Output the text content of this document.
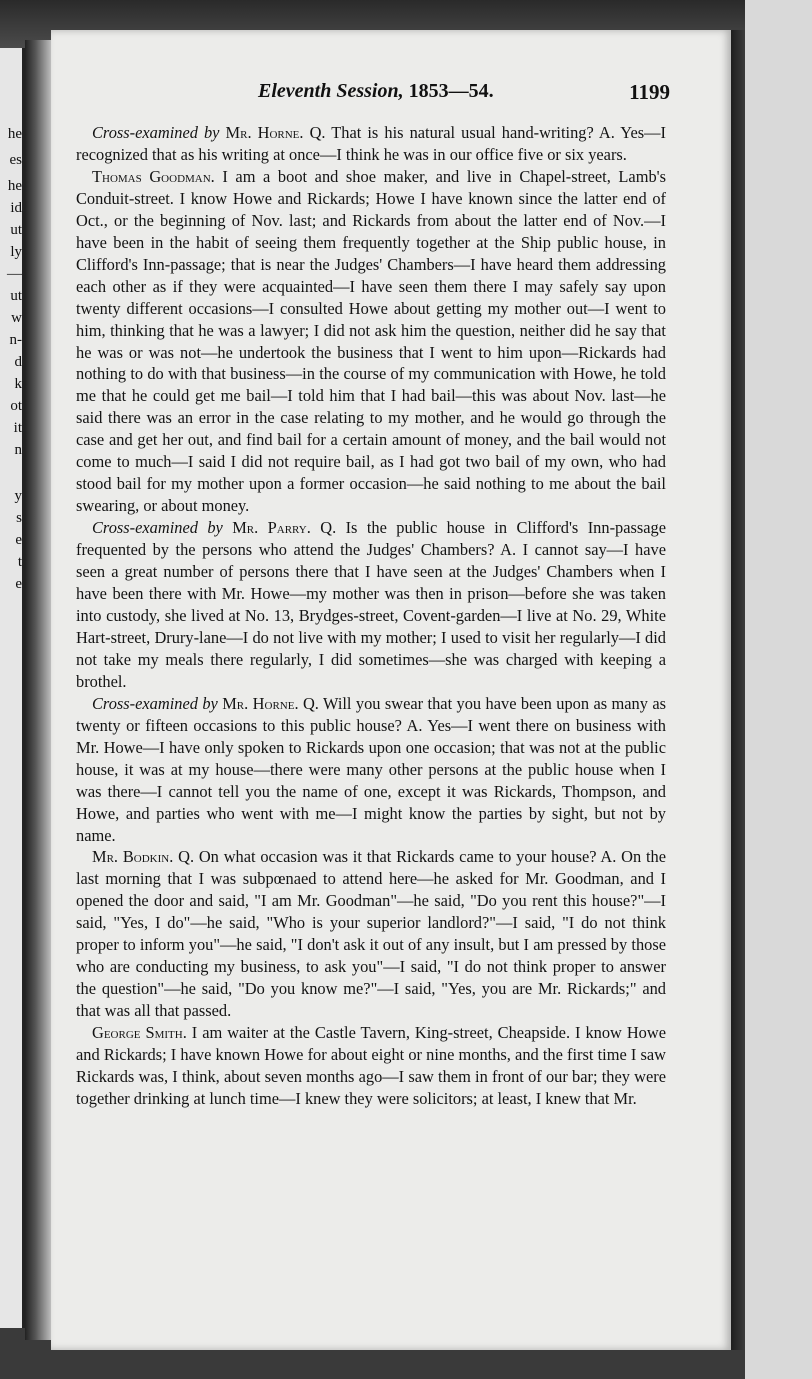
he
es
he
id
ut
ly
—
ut
w
n-
d
k
ot
it
n
y
s
e
t
e
Eleventh Session, 1853—54.	1199

Cross-examined by Mr. Horne. Q. That is his natural usual hand-writing? A. Yes—I recognized that as his writing at once—I think he was in our office five or six years.

Thomas Goodman. I am a boot and shoe maker, and live in Chapel-street, Lamb's Conduit-street. I know Howe and Rickards; Howe I have known since the latter end of Oct., or the beginning of Nov. last; and Rickards from about the latter end of Nov.—I have been in the habit of seeing them frequently together at the Ship public house, in Clifford's Inn-passage; that is near the Judges' Chambers—I have heard them addressing each other as if they were acquainted—I have seen them there I may safely say upon twenty different occasions—I consulted Howe about getting my mother out—I went to him, thinking that he was a lawyer; I did not ask him the question, neither did he say that he was or was not—he undertook the business that I went to him upon—Rickards had nothing to do with that business—in the course of my communication with Howe, he told me that he could get me bail—I told him that I had bail—this was about Nov. last—he said there was an error in the case relating to my mother, and he would go through the case and get her out, and find bail for a certain amount of money, and the bail would not come to much—I said I did not require bail, as I had got two bail of my own, who had stood bail for my mother upon a former occasion—he said nothing to me about the bail swearing, or about money.

Cross-examined by Mr. Parry. Q. Is the public house in Clifford's Inn-passage frequented by the persons who attend the Judges' Chambers? A. I cannot say—I have seen a great number of persons there that I have seen at the Judges' Chambers when I have been there with Mr. Howe—my mother was then in prison—before she was taken into custody, she lived at No. 13, Brydges-street, Covent-garden—I live at No. 29, White Hart-street, Drury-lane—I do not live with my mother; I used to visit her regularly—I did not take my meals there regularly, I did sometimes—she was charged with keeping a brothel.

Cross-examined by Mr. Horne. Q. Will you swear that you have been upon as many as twenty or fifteen occasions to this public house? A. Yes—I went there on business with Mr. Howe—I have only spoken to Rickards upon one occasion; that was not at the public house, it was at my house—there were many other persons at the public house when I was there—I cannot tell you the name of one, except it was Rickards, Thompson, and Howe, and parties who went with me—I might know the parties by sight, but not by name.

Mr. Bodkin. Q. On what occasion was it that Rickards came to your house? A. On the last morning that I was subpœnaed to attend here—he asked for Mr. Goodman, and I opened the door and said, "I am Mr. Goodman"—he said, "Do you rent this house?"—I said, "Yes, I do"—he said, "Who is your superior landlord?"—I said, "I do not think proper to inform you"—he said, "I don't ask it out of any insult, but I am pressed by those who are conducting my business, to ask you"—I said, "I do not think proper to answer the question"—he said, "Do you know me?"—I said, "Yes, you are Mr. Rickards;" and that was all that passed.

George Smith. I am waiter at the Castle Tavern, King-street, Cheapside. I know Howe and Rickards; I have known Howe for about eight or nine months, and the first time I saw Rickards was, I think, about seven months ago—I saw them in front of our bar; they were together drinking at lunch time—I knew they were solicitors; at least, I knew that Mr.
